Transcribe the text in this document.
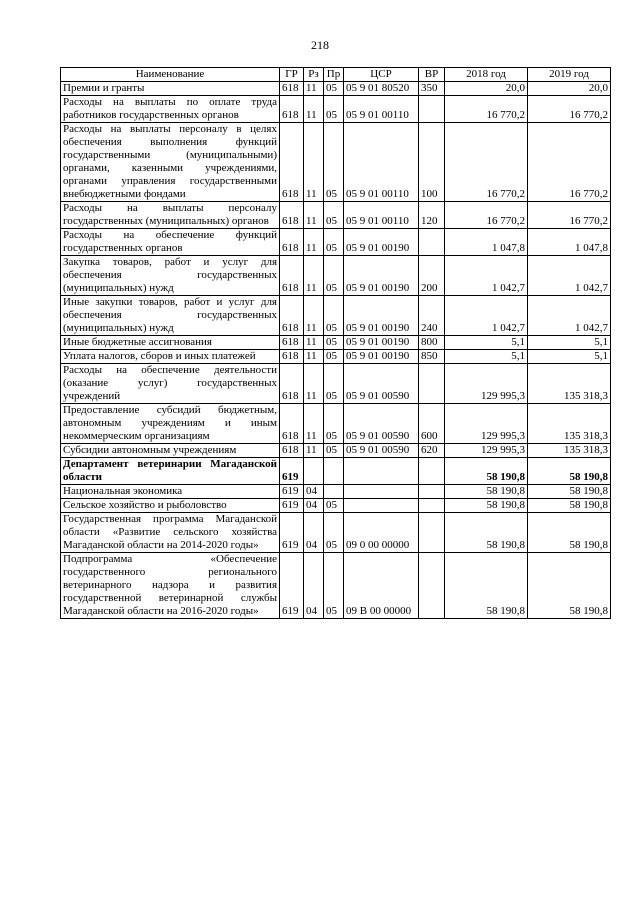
218
Наименование	ГР	Рз	Пр	ЦСР	ВР	2018 год	2019 год
Премии и гранты	618	11	05	05 9 01 80520	350	20,0	20,0
Расходы на выплаты по оплате труда работников государственных органов	618	11	05	05 9 01 00110		16 770,2	16 770,2
Расходы на выплаты персоналу в целях обеспечения выполнения функций государственными (муниципальными) органами, казенными учреждениями, органами управления государственными внебюджетными фондами	618	11	05	05 9 01 00110	100	16 770,2	16 770,2
Расходы на выплаты персоналу государственных (муниципальных) органов	618	11	05	05 9 01 00110	120	16 770,2	16 770,2
Расходы на обеспечение функций государственных органов	618	11	05	05 9 01 00190		1 047,8	1 047,8
Закупка товаров, работ и услуг для обеспечения государственных (муниципальных) нужд	618	11	05	05 9 01 00190	200	1 042,7	1 042,7
Иные закупки товаров, работ и услуг для обеспечения государственных (муниципальных) нужд	618	11	05	05 9 01 00190	240	1 042,7	1 042,7
Иные бюджетные ассигнования	618	11	05	05 9 01 00190	800	5,1	5,1
Уплата налогов, сборов и иных платежей	618	11	05	05 9 01 00190	850	5,1	5,1
Расходы на обеспечение деятельности (оказание услуг) государственных учреждений	618	11	05	05 9 01 00590		129 995,3	135 318,3
Предоставление субсидий бюджетным, автономным учреждениям и иным некоммерческим организациям	618	11	05	05 9 01 00590	600	129 995,3	135 318,3
Субсидии автономным учреждениям	618	11	05	05 9 01 00590	620	129 995,3	135 318,3
Департамент ветеринарии Магаданской области	619					58 190,8	58 190,8
Национальная экономика	619	04				58 190,8	58 190,8
Сельское хозяйство и рыболовство	619	04	05			58 190,8	58 190,8
Государственная программа Магаданской области «Развитие сельского хозяйства Магаданской области на 2014-2020 годы»	619	04	05	09 0 00 00000		58 190,8	58 190,8
Подпрограмма «Обеспечение государственного регионального ветеринарного надзора и развития государственной ветеринарной службы Магаданской области на 2016-2020 годы»	619	04	05	09 В 00 00000		58 190,8	58 190,8
